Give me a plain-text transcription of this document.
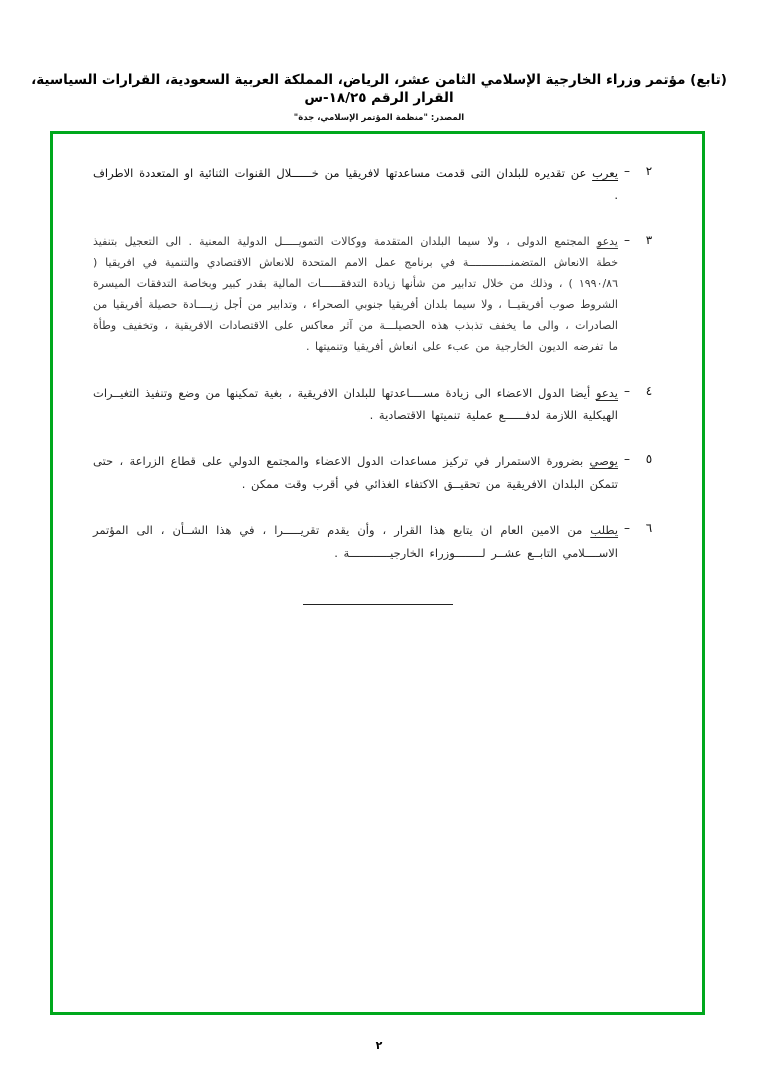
(تابع) مؤتمر وزراء الخارجية الإسلامي الثامن عشر، الرياض، المملكة العربية السعودية، القرارات السياسية، القرار الرقم ١٨/٢٥-س
المصدر: "منظمة المؤتمر الإسلامي، جدة"
٢
–
يعرب عن تقديره للبلدان التى قدمت مساعدتها لافريقيا من خــــــلال القنوات الثنائية او المتعددة الاطراف .
٣
–
يدعو المجتمع الدولى ، ولا سيما البلدان المتقدمة ووكالات التمويـــــل الدولية المعنية . الى التعجيل بتنفيذ خطة الانعاش المتضمنـــــــــــــة في برنامج عمل الامم المتحدة للانعاش الاقتصادي والتنمية في افريقيا ( ١٩٩٠/٨٦ ) ، وذلك من خلال تدابير من شأنها زيادة التدفقــــــات المالية بقدر كبير وبخاصة التدفقات الميسرة الشروط صوب أفريقيــا ، ولا سيما بلدان أفريقيا جنوبي الصحراء ، وتدابير من أجل زيــــادة حصيلة أفريقيا من الصادرات ، والى ما يخفف تذبذب هذه الحصيلـــة من آثر معاكس على الاقتصادات الافريقية ، وتخفيف وطأة ما تفرضه الديون الخارجية من عبء على انعاش أفريقيا وتنميتها .
٤
–
يدعو أيضا الدول الاعضاء الى زيادة مســــاعدتها للبلدان الافريقية ، بغية تمكينها من وضع وتنفيذ التغيــرات الهيكلية اللازمة لدفــــــع عملية تنميتها الاقتصادية .
٥
–
يوصي بضرورة الاستمرار في تركيز مساعدات الدول الاعضاء والمجتمع الدولي على قطاع الزراعة ، حتى تتمكن البلدان الافريقية من تحقيــق الاكتفاء الغذائي في أقرب وقت ممكن .
٦
–
يطلب من الامين العام ان يتابع هذا القرار ، وأن يقدم تقريـــــرا ، في هذا الشــأن ، الى المؤتمر الاســــلامي التابــع عشــر لــــــــوزراء الخارجيــــــــــــة .
٢
